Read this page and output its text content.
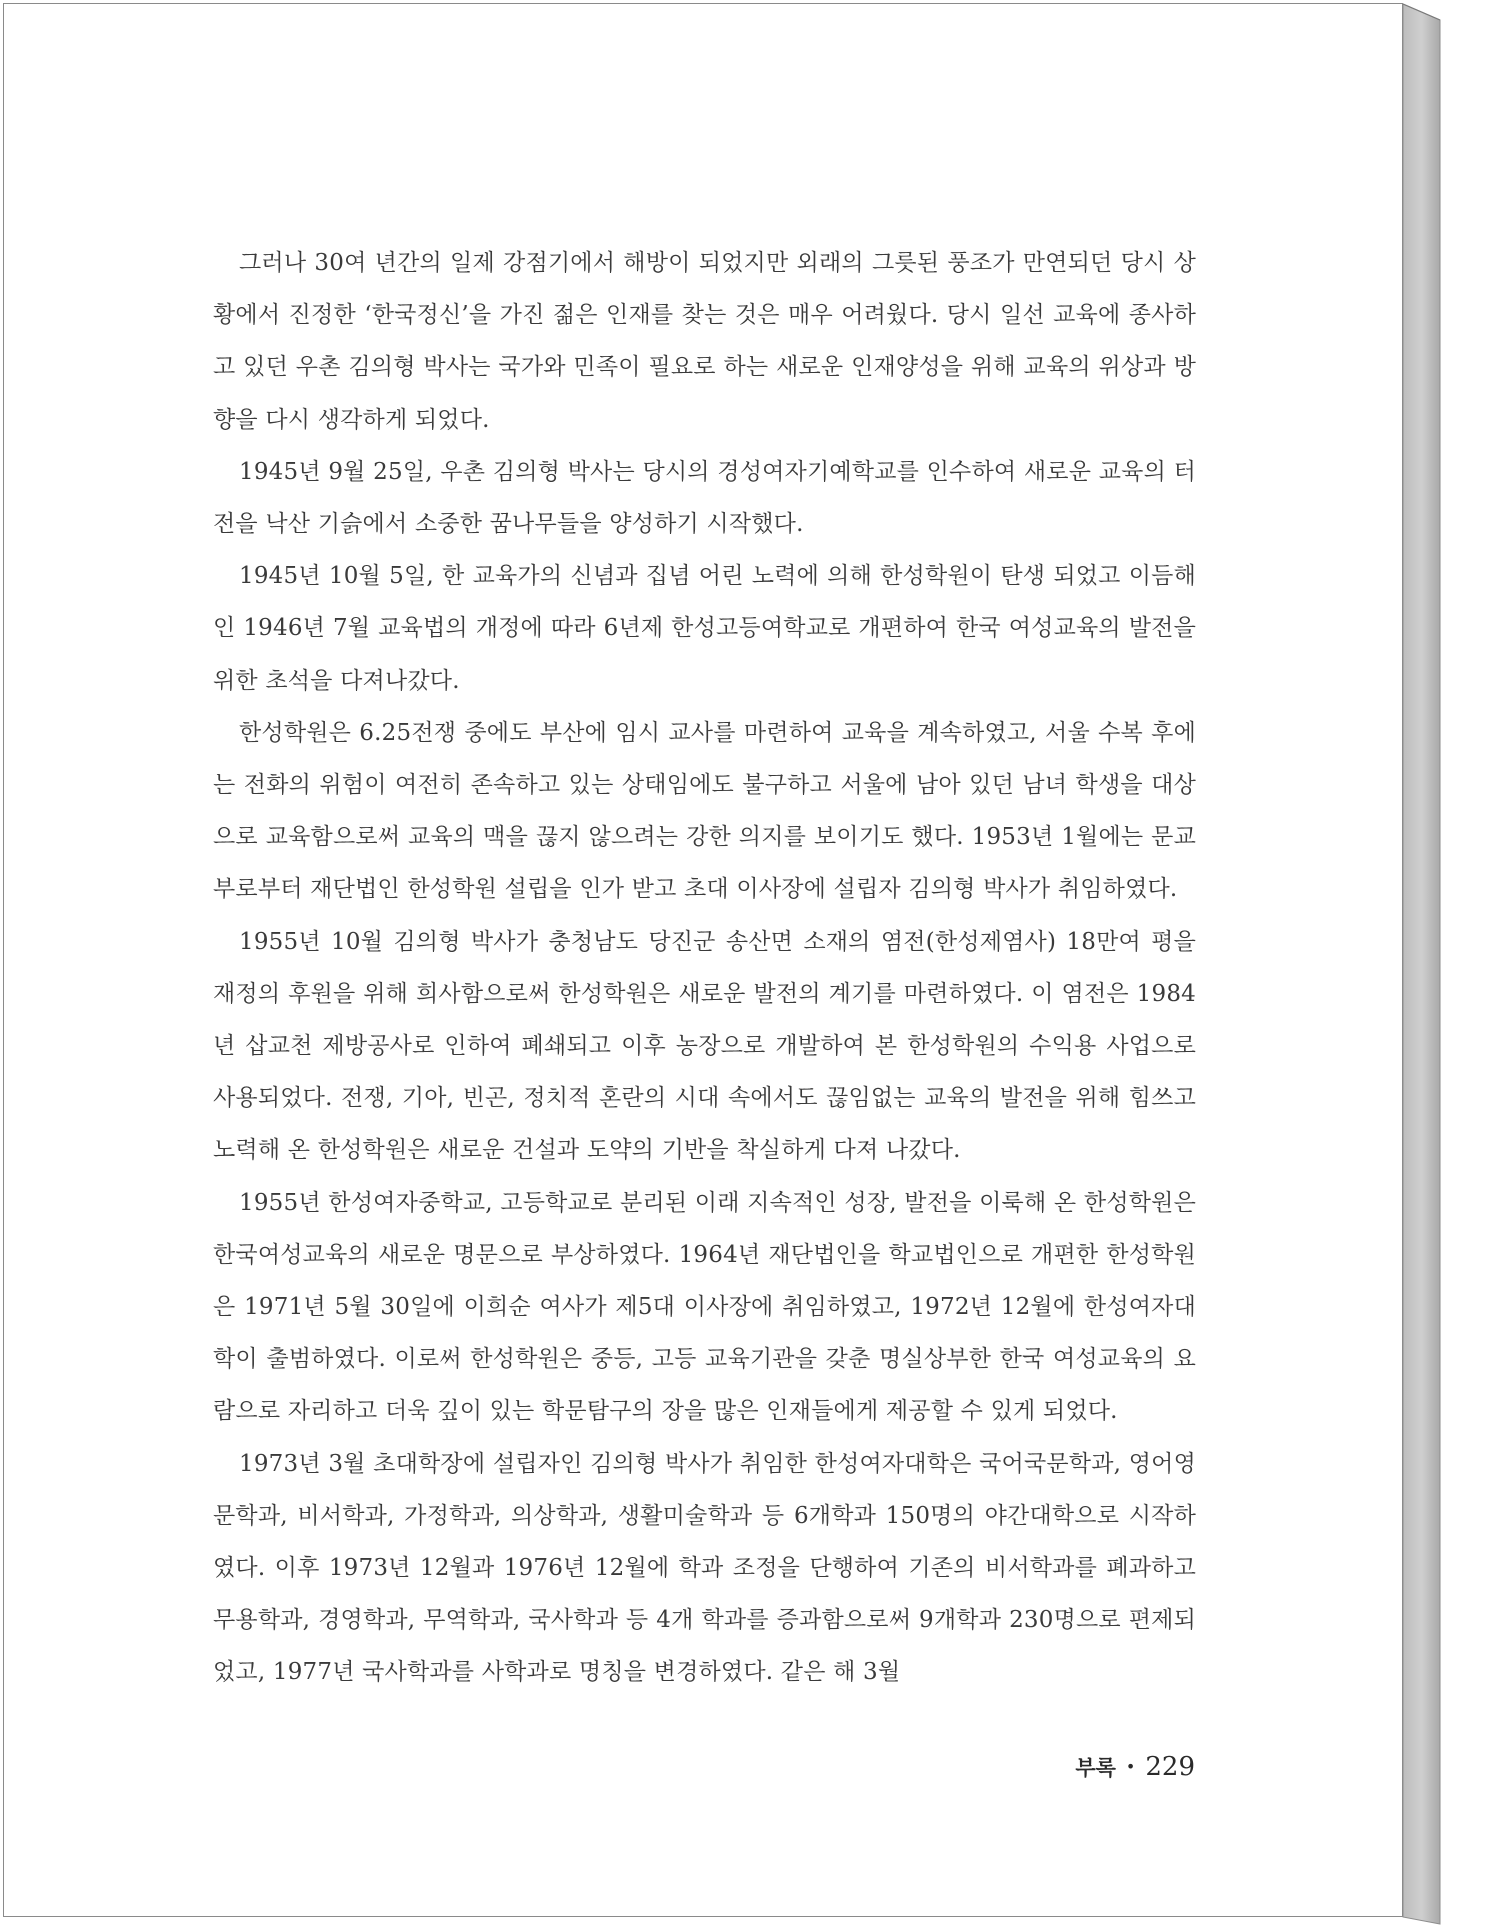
그러나 30여 년간의 일제 강점기에서 해방이 되었지만 외래의 그릇된 풍조가 만연되던 당시 상황에서 진정한 ‘한국정신’을 가진 젊은 인재를 찾는 것은 매우 어려웠다. 당시 일선 교육에 종사하고 있던 우촌 김의형 박사는 국가와 민족이 필요로 하는 새로운 인재양성을 위해 교육의 위상과 방향을 다시 생각하게 되었다.

1945년 9월 25일, 우촌 김의형 박사는 당시의 경성여자기예학교를 인수하여 새로운 교육의 터전을 낙산 기슭에서 소중한 꿈나무들을 양성하기 시작했다.

1945년 10월 5일, 한 교육가의 신념과 집념 어린 노력에 의해 한성학원이 탄생 되었고 이듬해인 1946년 7월 교육법의 개정에 따라 6년제 한성고등여학교로 개편하여 한국 여성교육의 발전을 위한 초석을 다져나갔다.

한성학원은 6.25전쟁 중에도 부산에 임시 교사를 마련하여 교육을 계속하였고, 서울 수복 후에는 전화의 위험이 여전히 존속하고 있는 상태임에도 불구하고 서울에 남아 있던 남녀 학생을 대상으로 교육함으로써 교육의 맥을 끊지 않으려는 강한 의지를 보이기도 했다. 1953년 1월에는 문교부로부터 재단법인 한성학원 설립을 인가 받고 초대 이사장에 설립자 김의형 박사가 취임하였다.

1955년 10월 김의형 박사가 충청남도 당진군 송산면 소재의 염전(한성제염사) 18만여 평을 재정의 후원을 위해 희사함으로써 한성학원은 새로운 발전의 계기를 마련하였다. 이 염전은 1984년 삽교천 제방공사로 인하여 폐쇄되고 이후 농장으로 개발하여 본 한성학원의 수익용 사업으로 사용되었다. 전쟁, 기아, 빈곤, 정치적 혼란의 시대 속에서도 끊임없는 교육의 발전을 위해 힘쓰고 노력해 온 한성학원은 새로운 건설과 도약의 기반을 착실하게 다져 나갔다.

1955년 한성여자중학교, 고등학교로 분리된 이래 지속적인 성장, 발전을 이룩해 온 한성학원은 한국여성교육의 새로운 명문으로 부상하였다. 1964년 재단법인을 학교법인으로 개편한 한성학원은 1971년 5월 30일에 이희순 여사가 제5대 이사장에 취임하였고, 1972년 12월에 한성여자대학이 출범하였다. 이로써 한성학원은 중등, 고등 교육기관을 갖춘 명실상부한 한국 여성교육의 요람으로 자리하고 더욱 깊이 있는 학문탐구의 장을 많은 인재들에게 제공할 수 있게 되었다.

1973년 3월 초대학장에 설립자인 김의형 박사가 취임한 한성여자대학은 국어국문학과, 영어영문학과, 비서학과, 가정학과, 의상학과, 생활미술학과 등 6개학과 150명의 야간대학으로 시작하였다. 이후 1973년 12월과 1976년 12월에 학과 조정을 단행하여 기존의 비서학과를 폐과하고 무용학과, 경영학과, 무역학과, 국사학과 등 4개 학과를 증과함으로써 9개학과 230명으로 편제되었고, 1977년 국사학과를 사학과로 명칭을 변경하였다. 같은 해 3월

부록 • 229
